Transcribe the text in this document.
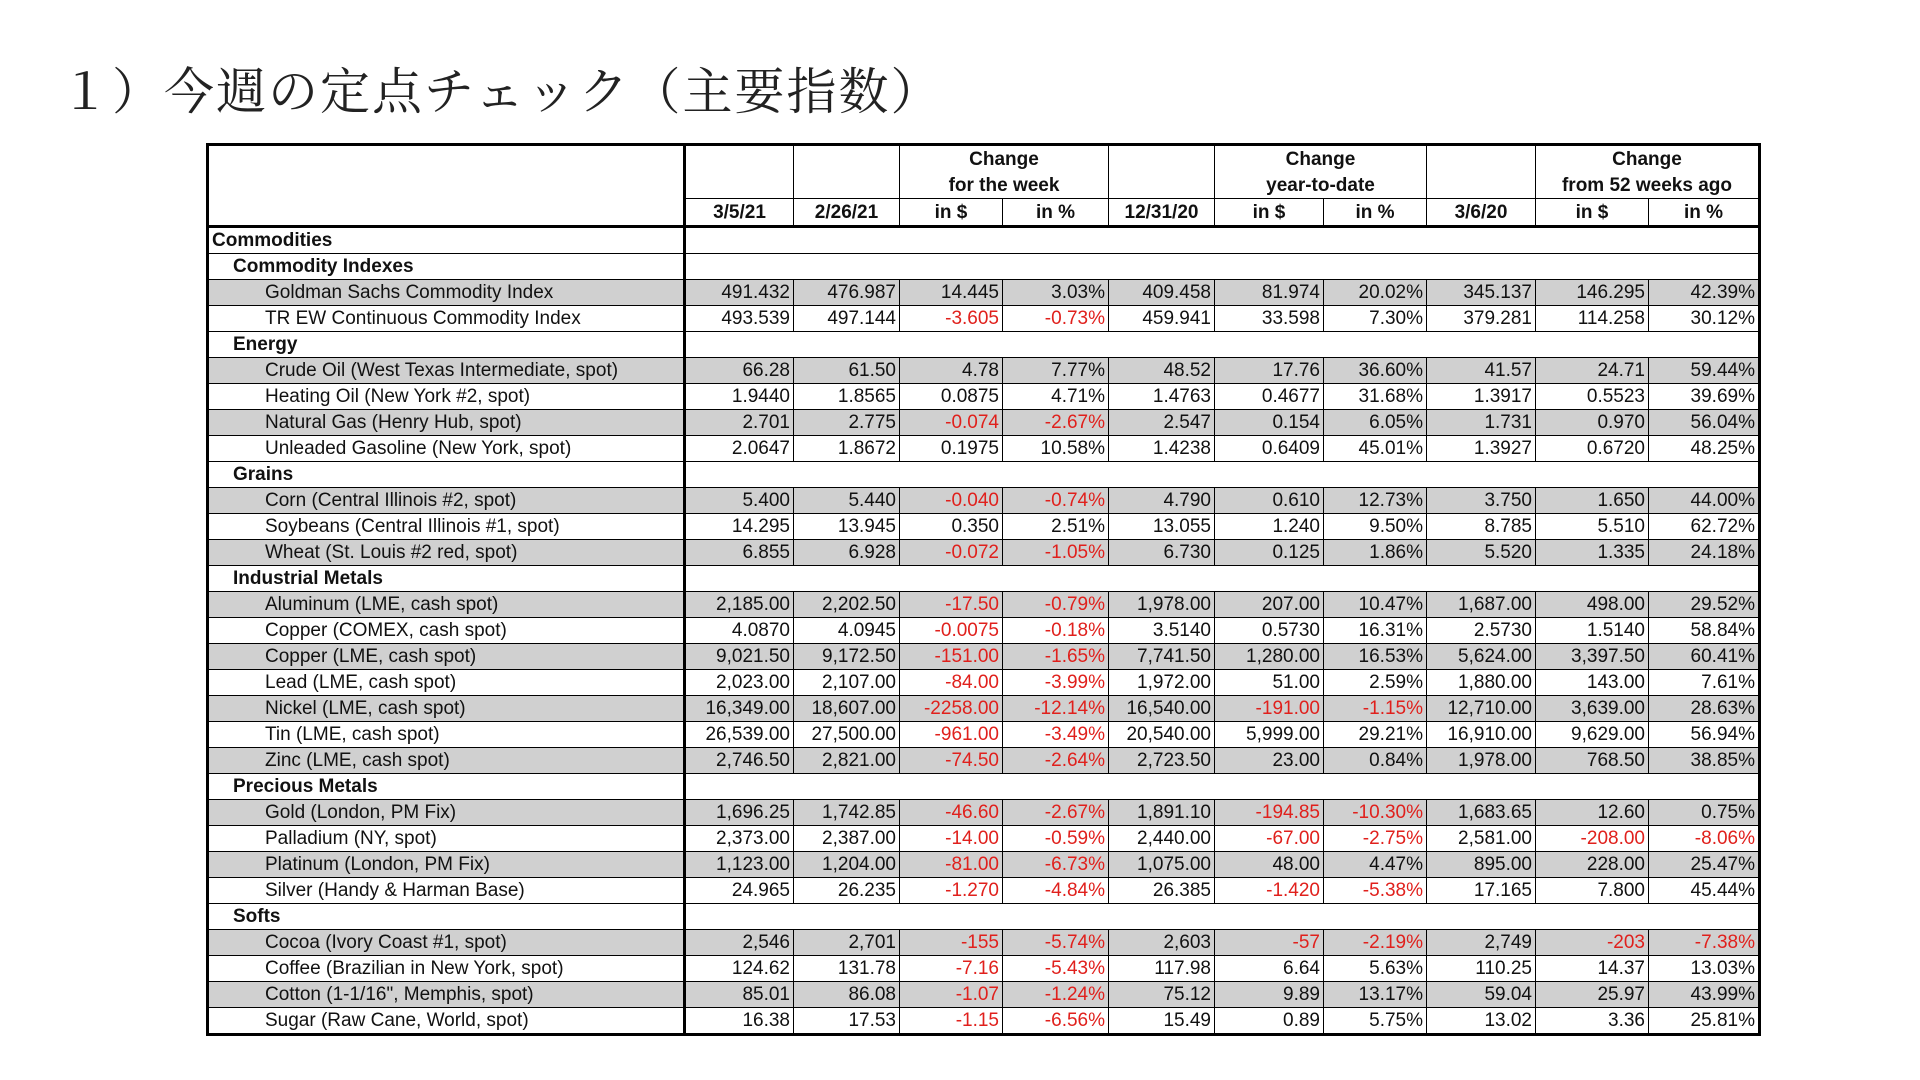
１）今週の定点チェック（主要指数）
			Change			Change			Change	
			for the week			year-to-date			from 52 weeks ago	
	3/5/21	2/26/21	in $	in %	12/31/20	in $	in %	3/6/20	in $	in %
Commodities										
Commodity Indexes										
Goldman Sachs Commodity Index	491.432	476.987	14.445	3.03%	409.458	81.974	20.02%	345.137	146.295	42.39%
TR EW Continuous Commodity Index	493.539	497.144	-3.605	-0.73%	459.941	33.598	7.30%	379.281	114.258	30.12%
Energy										
Crude Oil (West Texas Intermediate, spot)	66.28	61.50	4.78	7.77%	48.52	17.76	36.60%	41.57	24.71	59.44%
Heating Oil (New York #2, spot)	1.9440	1.8565	0.0875	4.71%	1.4763	0.4677	31.68%	1.3917	0.5523	39.69%
Natural Gas (Henry Hub, spot)	2.701	2.775	-0.074	-2.67%	2.547	0.154	6.05%	1.731	0.970	56.04%
Unleaded Gasoline (New York, spot)	2.0647	1.8672	0.1975	10.58%	1.4238	0.6409	45.01%	1.3927	0.6720	48.25%
Grains										
Corn (Central Illinois #2, spot)	5.400	5.440	-0.040	-0.74%	4.790	0.610	12.73%	3.750	1.650	44.00%
Soybeans (Central Illinois #1, spot)	14.295	13.945	0.350	2.51%	13.055	1.240	9.50%	8.785	5.510	62.72%
Wheat (St. Louis #2 red, spot)	6.855	6.928	-0.072	-1.05%	6.730	0.125	1.86%	5.520	1.335	24.18%
Industrial Metals										
Aluminum (LME, cash spot)	2,185.00	2,202.50	-17.50	-0.79%	1,978.00	207.00	10.47%	1,687.00	498.00	29.52%
Copper (COMEX, cash spot)	4.0870	4.0945	-0.0075	-0.18%	3.5140	0.5730	16.31%	2.5730	1.5140	58.84%
Copper (LME, cash spot)	9,021.50	9,172.50	-151.00	-1.65%	7,741.50	1,280.00	16.53%	5,624.00	3,397.50	60.41%
Lead (LME, cash spot)	2,023.00	2,107.00	-84.00	-3.99%	1,972.00	51.00	2.59%	1,880.00	143.00	7.61%
Nickel (LME, cash spot)	16,349.00	18,607.00	-2258.00	-12.14%	16,540.00	-191.00	-1.15%	12,710.00	3,639.00	28.63%
Tin (LME, cash spot)	26,539.00	27,500.00	-961.00	-3.49%	20,540.00	5,999.00	29.21%	16,910.00	9,629.00	56.94%
Zinc (LME, cash spot)	2,746.50	2,821.00	-74.50	-2.64%	2,723.50	23.00	0.84%	1,978.00	768.50	38.85%
Precious Metals										
Gold (London, PM Fix)	1,696.25	1,742.85	-46.60	-2.67%	1,891.10	-194.85	-10.30%	1,683.65	12.60	0.75%
Palladium (NY, spot)	2,373.00	2,387.00	-14.00	-0.59%	2,440.00	-67.00	-2.75%	2,581.00	-208.00	-8.06%
Platinum (London, PM Fix)	1,123.00	1,204.00	-81.00	-6.73%	1,075.00	48.00	4.47%	895.00	228.00	25.47%
Silver (Handy & Harman Base)	24.965	26.235	-1.270	-4.84%	26.385	-1.420	-5.38%	17.165	7.800	45.44%
Softs										
Cocoa (Ivory Coast #1, spot)	2,546	2,701	-155	-5.74%	2,603	-57	-2.19%	2,749	-203	-7.38%
Coffee (Brazilian in New York, spot)	124.62	131.78	-7.16	-5.43%	117.98	6.64	5.63%	110.25	14.37	13.03%
Cotton (1-1/16", Memphis, spot)	85.01	86.08	-1.07	-1.24%	75.12	9.89	13.17%	59.04	25.97	43.99%
Sugar (Raw Cane, World, spot)	16.38	17.53	-1.15	-6.56%	15.49	0.89	5.75%	13.02	3.36	25.81%
